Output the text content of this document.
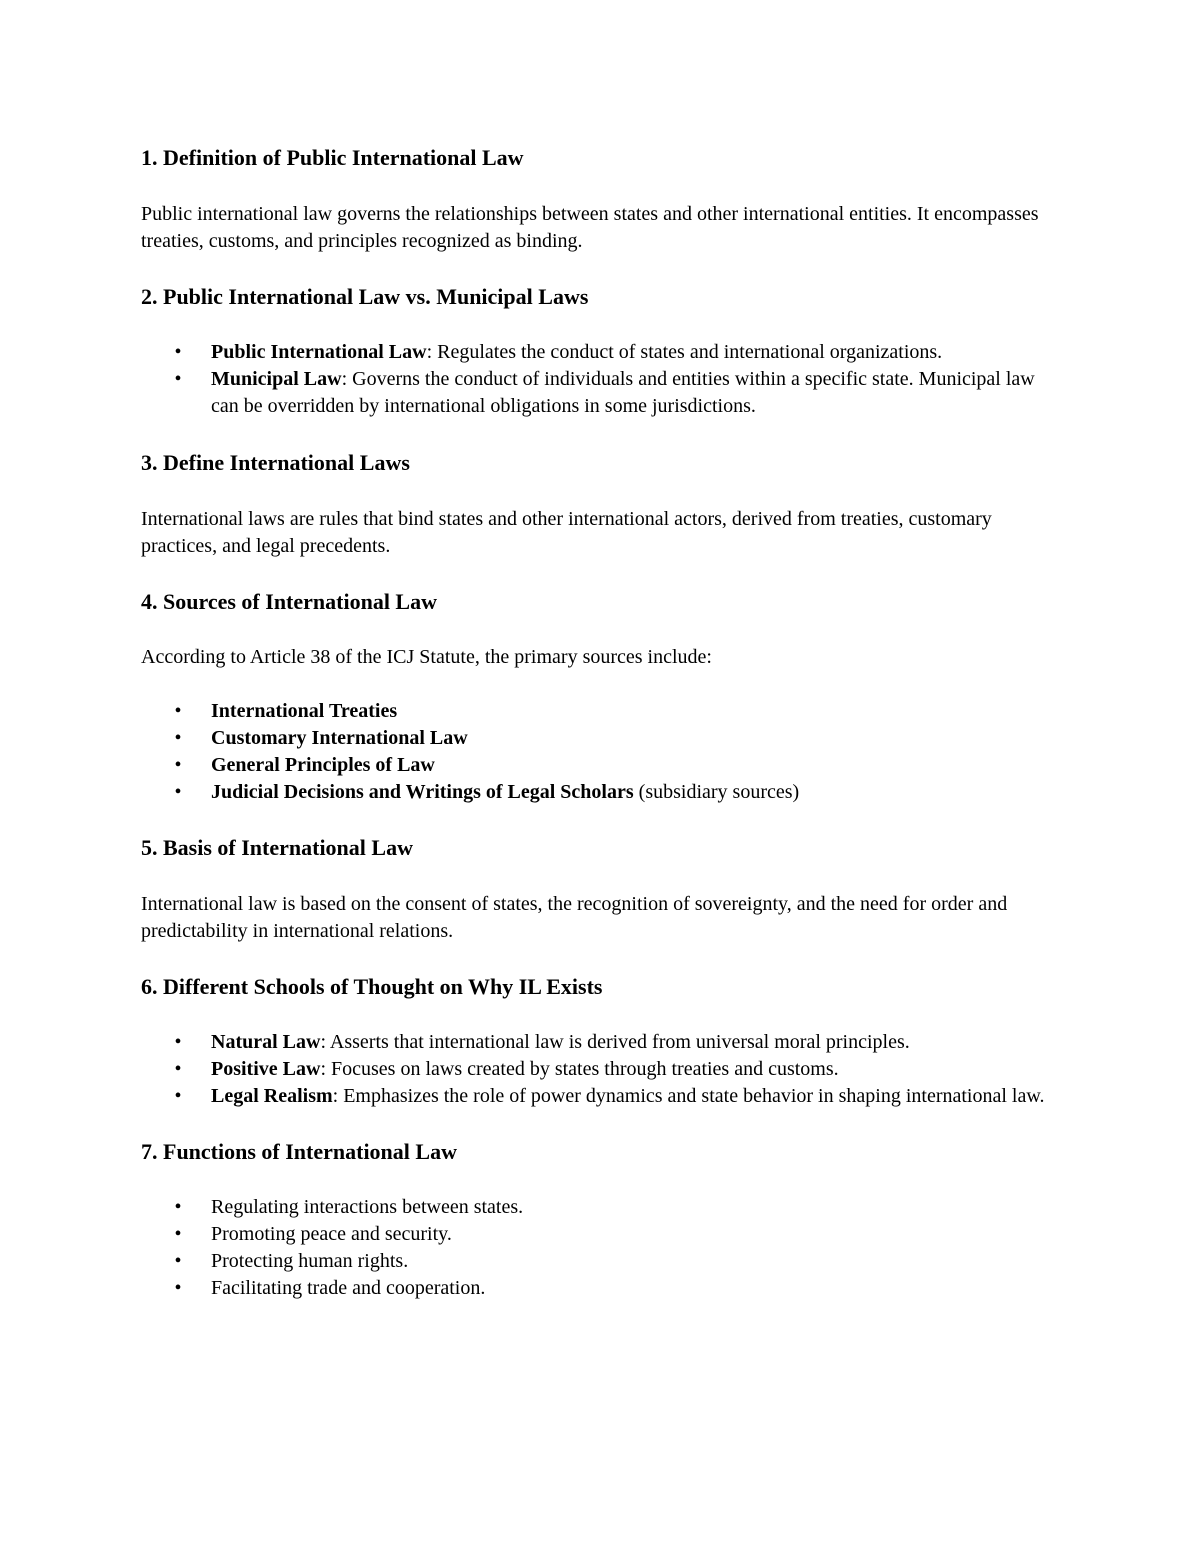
1. Definition of Public International Law

Public international law governs the relationships between states and other international entities. It encompasses treaties, customs, and principles recognized as binding.

2. Public International Law vs. Municipal Laws
• Public International Law: Regulates the conduct of states and international organizations.
• Municipal Law: Governs the conduct of individuals and entities within a specific state. Municipal law can be overridden by international obligations in some jurisdictions.
3. Define International Laws

International laws are rules that bind states and other international actors, derived from treaties, customary practices, and legal precedents.

4. Sources of International Law

According to Article 38 of the ICJ Statute, the primary sources include:

• International Treaties
• Customary International Law
• General Principles of Law
• Judicial Decisions and Writings of Legal Scholars (subsidiary sources)
5. Basis of International Law

International law is based on the consent of states, the recognition of sovereignty, and the need for order and predictability in international relations.

6. Different Schools of Thought on Why IL Exists
• Natural Law: Asserts that international law is derived from universal moral principles.
• Positive Law: Focuses on laws created by states through treaties and customs.
• Legal Realism: Emphasizes the role of power dynamics and state behavior in shaping international law.
7. Functions of International Law
• Regulating interactions between states.
• Promoting peace and security.
• Protecting human rights.
• Facilitating trade and cooperation.
